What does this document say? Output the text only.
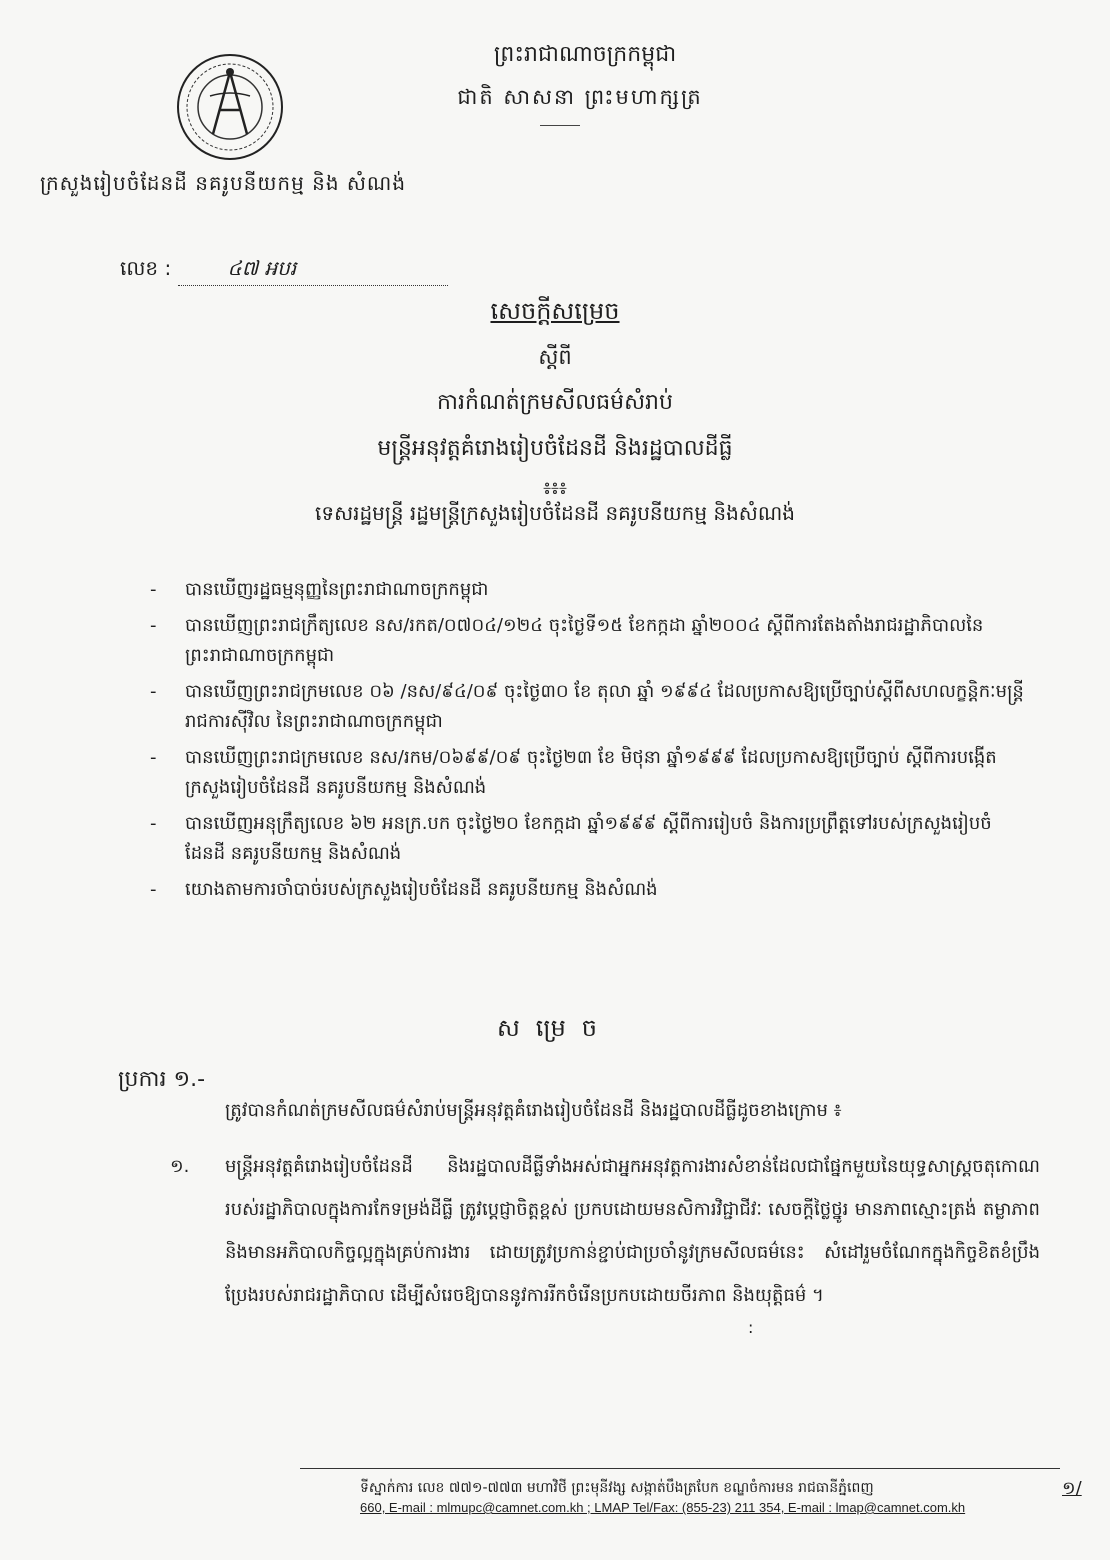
ព្រះរាជាណាចក្រកម្ពុជា
ជាតិ សាសនា ព្រះមហាក្សត្រ
ក្រសួងរៀបចំដែនដី នគរូបនីយកម្ម និង សំណង់
លេខ :	៤៧ អបរ
សេចក្តីសម្រេច
ស្តីពី
ការកំណត់ក្រមសីលធម៌សំរាប់
មន្ត្រីអនុវត្តគំរោងរៀបចំដែនដី និងរដ្ឋបាលដីធ្លី
៖៖៖
ទេសរដ្ឋមន្ត្រី រដ្ឋមន្ត្រីក្រសួងរៀបចំដែនដី នគរូបនីយកម្ម និងសំណង់
- បានឃើញរដ្ឋធម្មនុញ្ញនៃព្រះរាជាណាចក្រកម្ពុជា
- បានឃើញព្រះរាជក្រឹត្យលេខ នស/រកត/០៧០៤/១២៤ ចុះថ្ងៃទី១៥ ខែកក្កដា ឆ្នាំ២០០៤ ស្តីពីការតែងតាំងរាជរដ្ឋាភិបាលនៃព្រះរាជាណាចក្រកម្ពុជា
- បានឃើញព្រះរាជក្រមលេខ ០៦ /នស/៩៤/០៩ ចុះថ្ងៃ៣០ ខែ តុលា ឆ្នាំ ១៩៩៤ ដែលប្រកាសឱ្យប្រើច្បាប់ស្តីពីសហលក្ខន្តិកៈមន្ត្រីរាជការស៊ីវិល នៃព្រះរាជាណាចក្រកម្ពុជា
- បានឃើញព្រះរាជក្រមលេខ នស/រកម/០៦៩៩/០៩ ចុះថ្ងៃ២៣ ខែ មិថុនា ឆ្នាំ១៩៩៩ ដែលប្រកាសឱ្យប្រើច្បាប់ ស្តីពីការបង្កើតក្រសួងរៀបចំដែនដី នគរូបនីយកម្ម និងសំណង់
- បានឃើញអនុក្រឹត្យលេខ ៦២ អនក្រ.បក ចុះថ្ងៃ២០ ខែកក្កដា ឆ្នាំ១៩៩៩ ស្តីពីការរៀបចំ និងការប្រព្រឹត្តទៅរបស់ក្រសួងរៀបចំ ដែនដី នគរូបនីយកម្ម និងសំណង់
- យោងតាមការចាំបាច់របស់ក្រសួងរៀបចំដែនដី នគរូបនីយកម្ម និងសំណង់
សម្រេច
ប្រការ ១.-
ត្រូវបានកំណត់ក្រមសីលធម៌សំរាប់មន្ត្រីអនុវត្តគំរោងរៀបចំដែនដី និងរដ្ឋបាលដីធ្លីដូចខាងក្រោម ៖
១.	មន្ត្រីអនុវត្តគំរោងរៀបចំដែនដី និងរដ្ឋបាលដីធ្លីទាំងអស់ជាអ្នកអនុវត្តការងារសំខាន់ដែលជាផ្នែកមួយនៃយុទ្ធសាស្ត្រចតុកោណរបស់រដ្ឋាភិបាលក្នុងការកែទម្រង់ដីធ្លី ត្រូវប្តេជ្ញាចិត្តខ្ពស់ ប្រកបដោយមនសិការវិជ្ជាជីវៈ សេចក្តីថ្លៃថ្នូរ មានភាពស្មោះត្រង់ តម្លាភាព និងមានអភិបាលកិច្ចល្អក្នុងគ្រប់ការងារ ដោយត្រូវប្រកាន់ខ្ជាប់ជាប្រចាំនូវក្រមសីលធម៌នេះ សំដៅរួមចំណែកក្នុងកិច្ចខិតខំប្រឹងប្រែងរបស់រាជរដ្ឋាភិបាល ដើម្បីសំរេចឱ្យបាននូវការរីកចំរើនប្រកបដោយចីរភាព និងយុត្តិធម៌ ។
:
ទីស្នាក់ការ លេខ ៧៧១-៧៧៣ មហាវិថី ព្រះមុនីវង្ស សង្កាត់បឹងត្របែក ខណ្ឌចំការមន រាជធានីភ្នំពេញ
660, E-mail : mlmupc@camnet.com.kh ; LMAP Tel/Fax: (855-23) 211 354, E-mail : lmap@camnet.com.kh
១/
